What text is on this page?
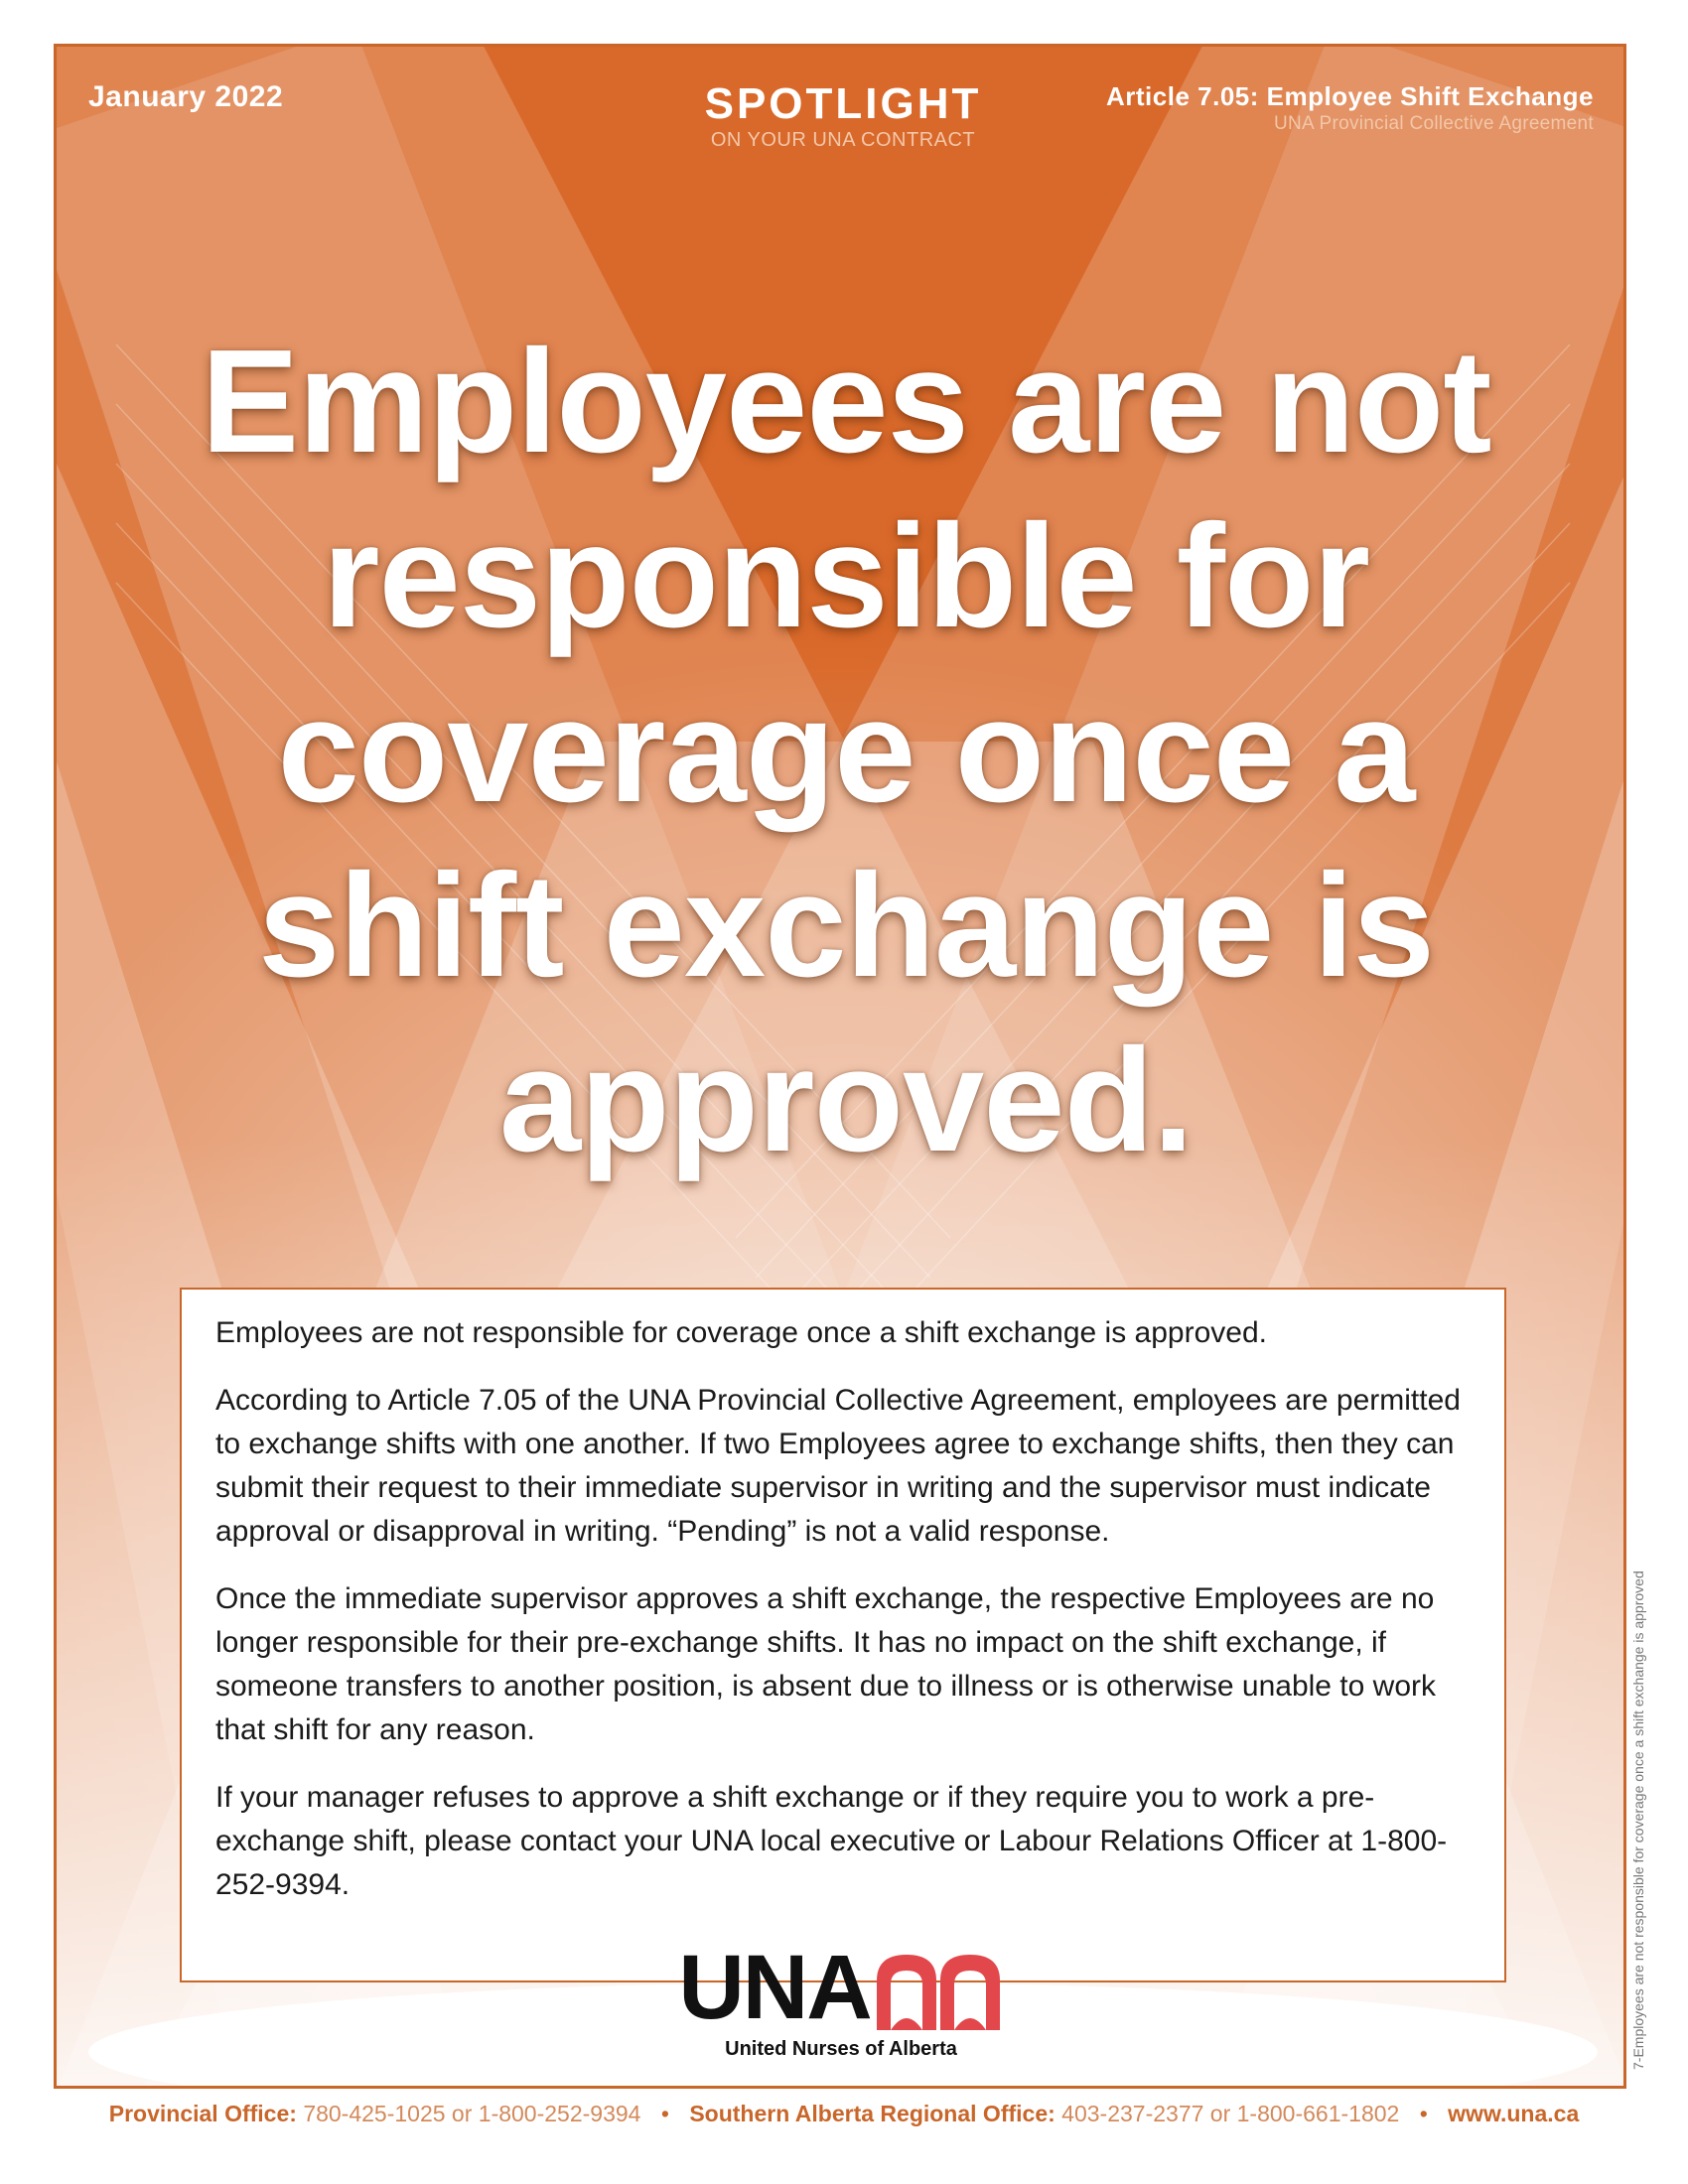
January 2022	SPOTLIGHT
ON YOUR UNA CONTRACT
Article 7.05: Employee Shift Exchange
UNA Provincial Collective Agreement
Employees are not
responsible for
coverage once a
shift exchange is
approved.

Employees are not responsible for coverage once a shift exchange is approved.

According to Article 7.05 of the UNA Provincial Collective Agreement, employees are permitted to exchange shifts with one another. If two Employees agree to exchange shifts, then they can submit their request to their immediate supervisor in writing and the supervisor must indicate approval or disapproval in writing. “Pending” is not a valid response.

Once the immediate supervisor approves a shift exchange, the respective Employees are no longer responsible for their pre-exchange shifts. It has no impact on the shift exchange, if someone transfers to another position, is absent due to illness or is otherwise unable to work that shift for any reason.

If your manager refuses to approve a shift exchange or if they require you to work a pre-exchange shift, please contact your UNA local executive or Labour Relations Officer at 1-800-252-9394.

UNA
United Nurses of Alberta	7-Employees are not responsible for coverage once a shift exchange is approved
Provincial Office: 780-425-1025 or 1-800-252-9394 • Southern Alberta Regional Office: 403-237-2377 or 1-800-661-1802 • www.una.ca
